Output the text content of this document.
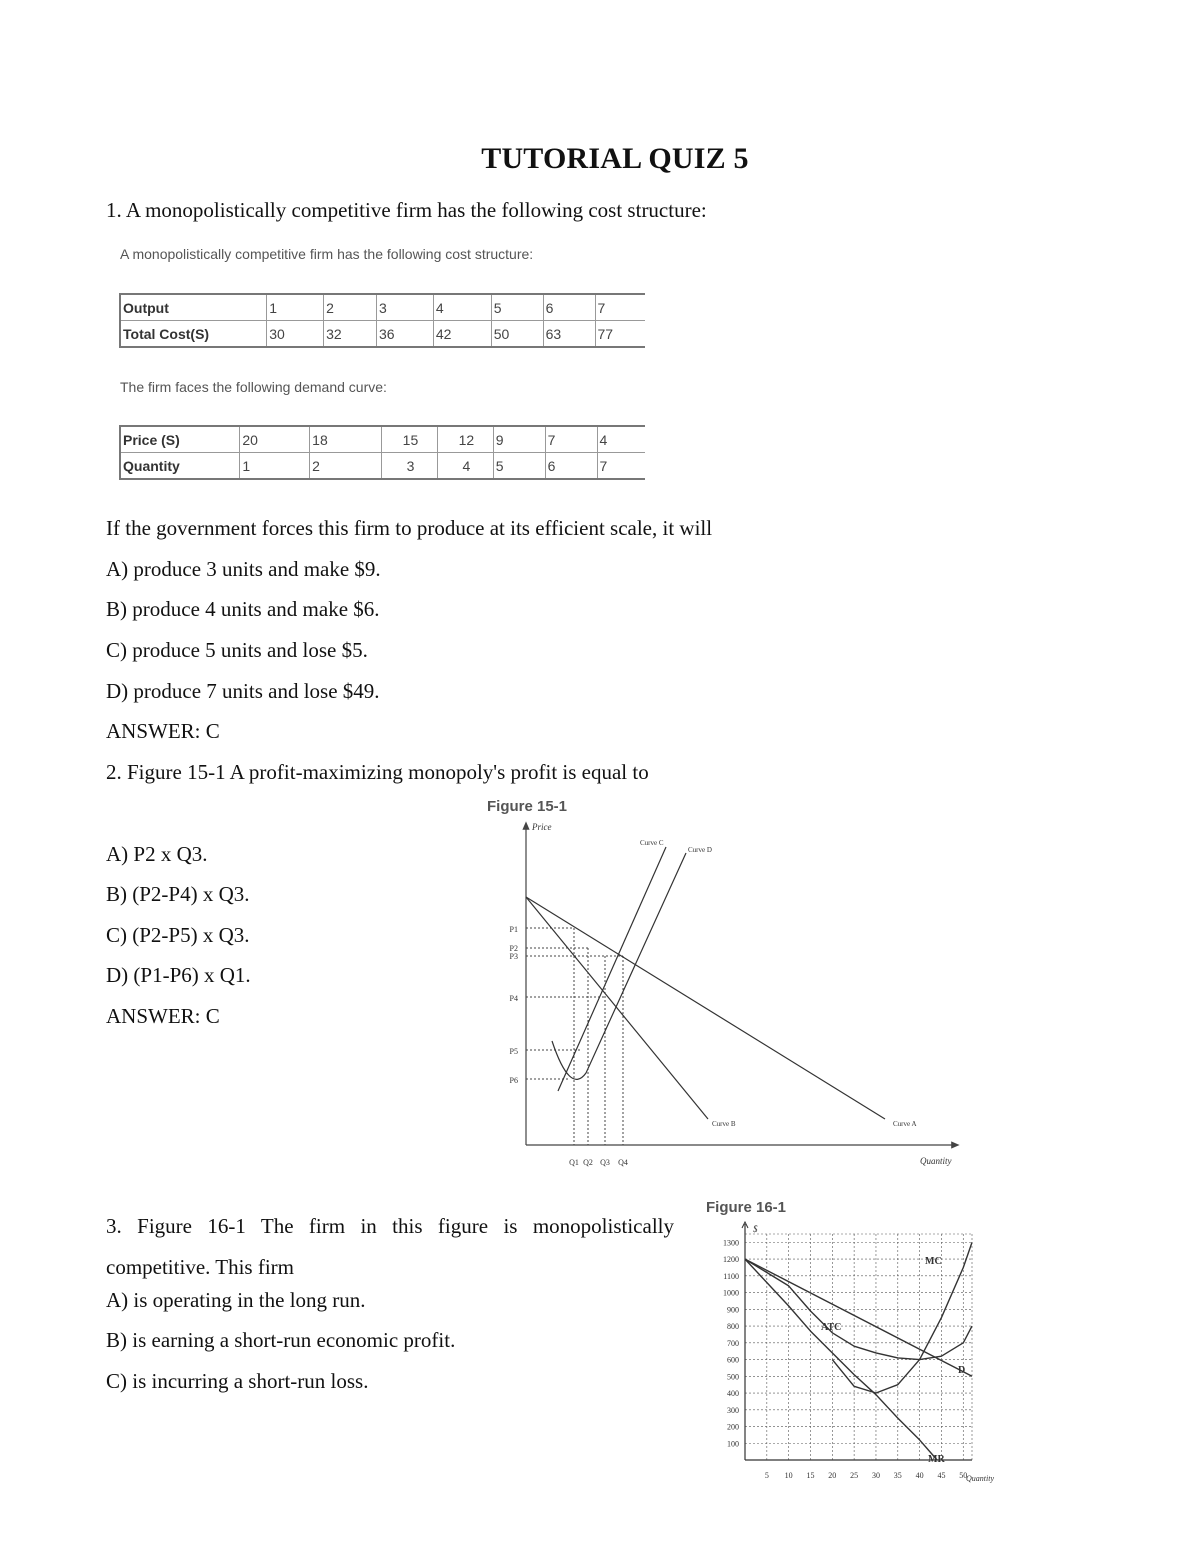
TUTORIAL QUIZ 5
1. A monopolistically competitive firm has the following cost structure:
A monopolistically competitive firm has the following cost structure:
Output	1	2	3	4	5	6	7
Total Cost(S)	30	32	36	42	50	63	77
The firm faces the following demand curve:
Price (S)	20	18	15	12	9	7	4
Quantity	1	2	3	4	5	6	7
If the government forces this firm to produce at its efficient scale, it will
A) produce 3 units and make $9.
B) produce 4 units and make $6.
C) produce 5 units and lose $5.
D) produce 7 units and lose $49.
ANSWER: C
2. Figure 15-1 A profit-maximizing monopoly's profit is equal to
A) P2 x Q3.
B) (P2-P4) x Q3.
C) (P2-P5) x Q3.
D) (P1-P6) x Q1.
ANSWER: C
Figure 15-1
Price
Quantity
P1
P2
P3
P4
P5
P6
Q1 Q2 Q3 Q4
Curve C
Curve D
Curve B	Curve A
3. Figure 16-1 The firm in this figure is monopolistically competitive. This firm
A) is operating in the long run.
B) is earning a short-run economic profit.
C) is incurring a short-run loss.
Figure 16-1
100
200
300
400
500
600
700
800
900
1000
1100
1200
1300
5 10 15 20 25 30 35 40 45 50
$
Quantity
MC
ATC
D
MR
